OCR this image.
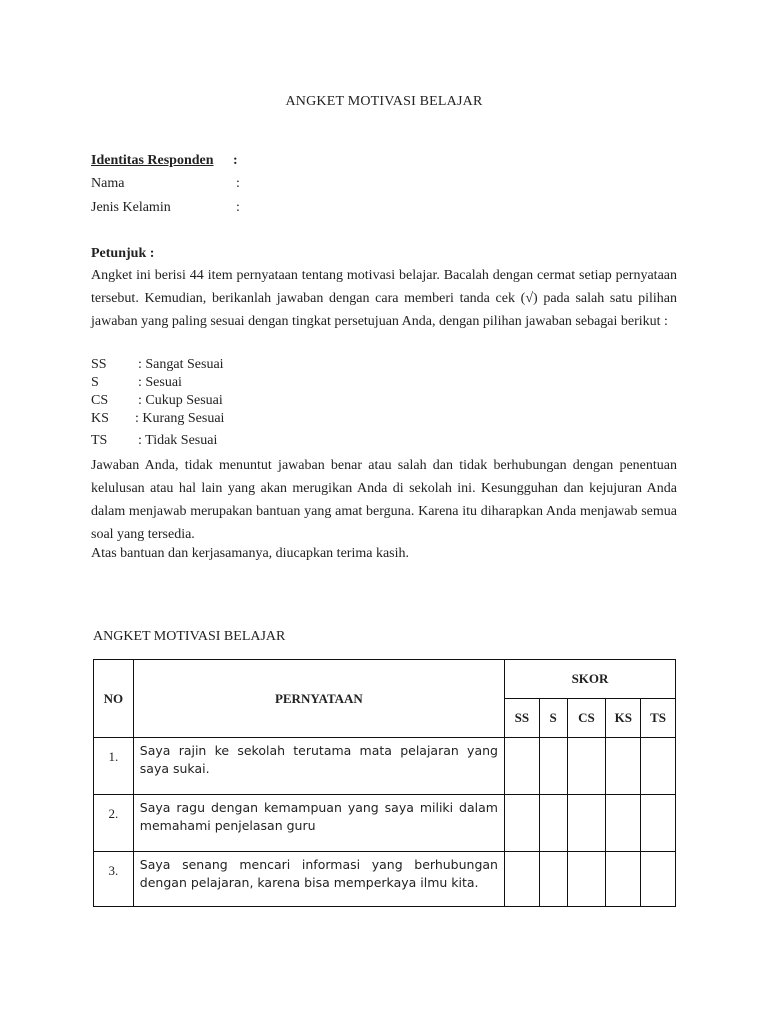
ANGKET MOTIVASI BELAJAR
Identitas Responden :
Nama	:
Jenis Kelamin	:
Petunjuk :
Angket ini berisi 44 item pernyataan tentang motivasi belajar. Bacalah dengan cermat setiap pernyataan tersebut. Kemudian, berikanlah jawaban dengan cara memberi tanda cek (√) pada salah satu pilihan jawaban yang paling sesuai dengan tingkat persetujuan Anda, dengan pilihan jawaban sebagai berikut :
SS : Sangat Sesuai
S	: Sesuai
CS : Cukup Sesuai
KS : Kurang Sesuai
TS : Tidak Sesuai
Jawaban Anda, tidak menuntut jawaban benar atau salah dan tidak berhubungan dengan penentuan kelulusan atau hal lain yang akan merugikan Anda di sekolah ini. Kesungguhan dan kejujuran Anda dalam menjawab merupakan bantuan yang amat berguna. Karena itu diharapkan Anda menjawab semua soal yang tersedia.
Atas bantuan dan kerjasamanya, diucapkan terima kasih.
ANGKET MOTIVASI BELAJAR
NO	PERNYATAAN	SKOR				
		SS	S	CS	KS	TS
1.	Saya rajin ke sekolah terutama mata pelajaran yang saya sukai.					
2.	Saya ragu dengan kemampuan yang saya miliki dalam memahami penjelasan guru					
3.	Saya senang mencari informasi yang berhubungan dengan pelajaran, karena bisa memperkaya ilmu kita.					
